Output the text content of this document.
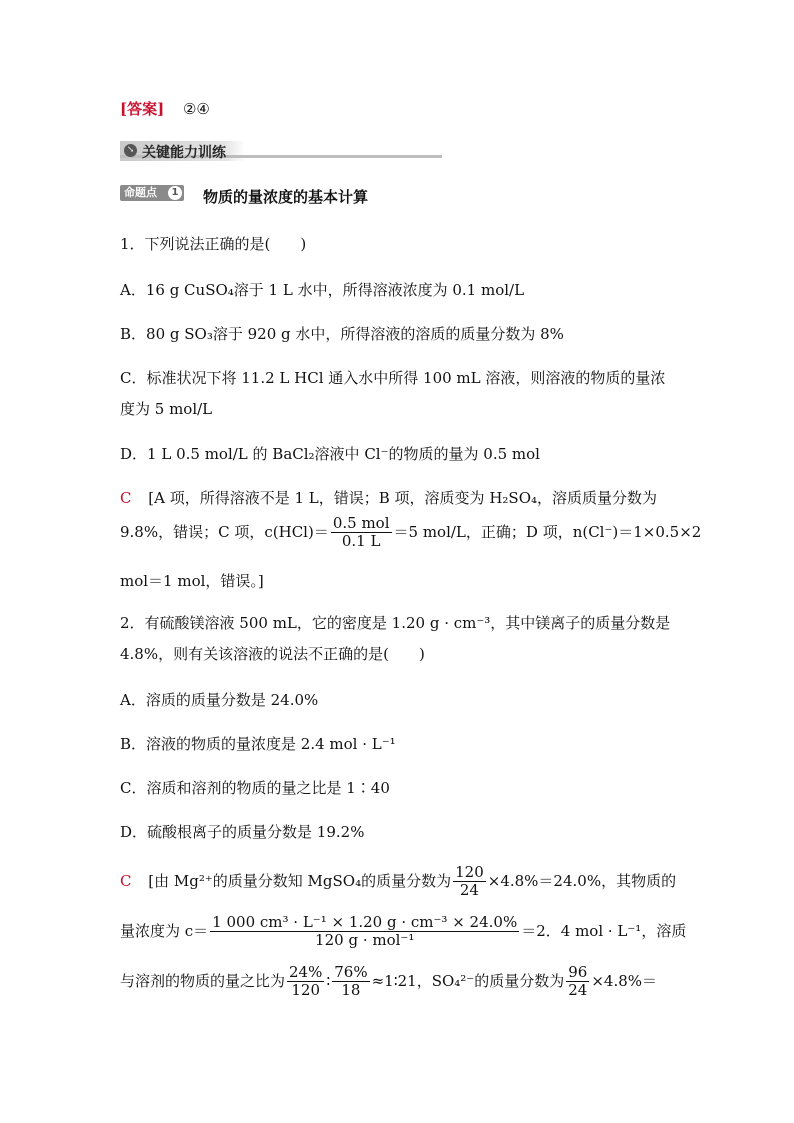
[答案] ②④
↘ 关键能力训练
命题点	1 物质的量浓度的基本计算
1．下列说法正确的是(　　)
A．16 g CuSO₄溶于 1 L 水中，所得溶液浓度为 0.1 mol/L
B．80 g SO₃溶于 920 g 水中，所得溶液的溶质的质量分数为 8%
C．标准状况下将 11.2 L HCl 通入水中所得 100 mL 溶液，则溶液的物质的量浓
度为 5 mol/L
D．1 L 0.5 mol/L 的 BaCl₂溶液中 Cl⁻的物质的量为 0.5 mol
C [A 项，所得溶液不是 1 L，错误；B 项，溶质变为 H₂SO₄，溶质质量分数为
9.8%，错误；C 项，$c(HCl)= \frac{\text{0.5 mol}}{0.1 L} =5$ mol/L，正确；D 项，n(Cl⁻)＝1×0.5×2
mol＝1 mol，错误。]
2．有硫酸镁溶液 500 mL，它的密度是 1.20 g · cm⁻³，其中镁离子的质量分数是
4.8%，则有关该溶液的说法不正确的是(　　)
A．溶质的质量分数是 24.0%
B．溶液的物质的量浓度是 2.4 mol · L⁻¹
C．溶质和溶剂的物质的量之比是 1∶40
D．硫酸根离子的质量分数是 19.2%
C [由 Mg²⁺的质量分数知 MgSO₄的质量分数为 $\frac{120}{24} \times 4.8\%=24.0\%$，其物质的
量浓度为 $c= \frac{\text{1 000 cm³ · L⁻¹ × 1.20 g · cm⁻³ × 24.0\%}}{\text{120 g · mol⁻¹}} =2$．4 mol · L⁻¹，溶质
与溶剂的物质的量之比为 $\frac{24\%}{120}$ ∶ $\frac{76\%}{18}$ ≈1∶21，SO₄²⁻的质量分数为 $\frac{96}{24} \times 4.8\%=$
